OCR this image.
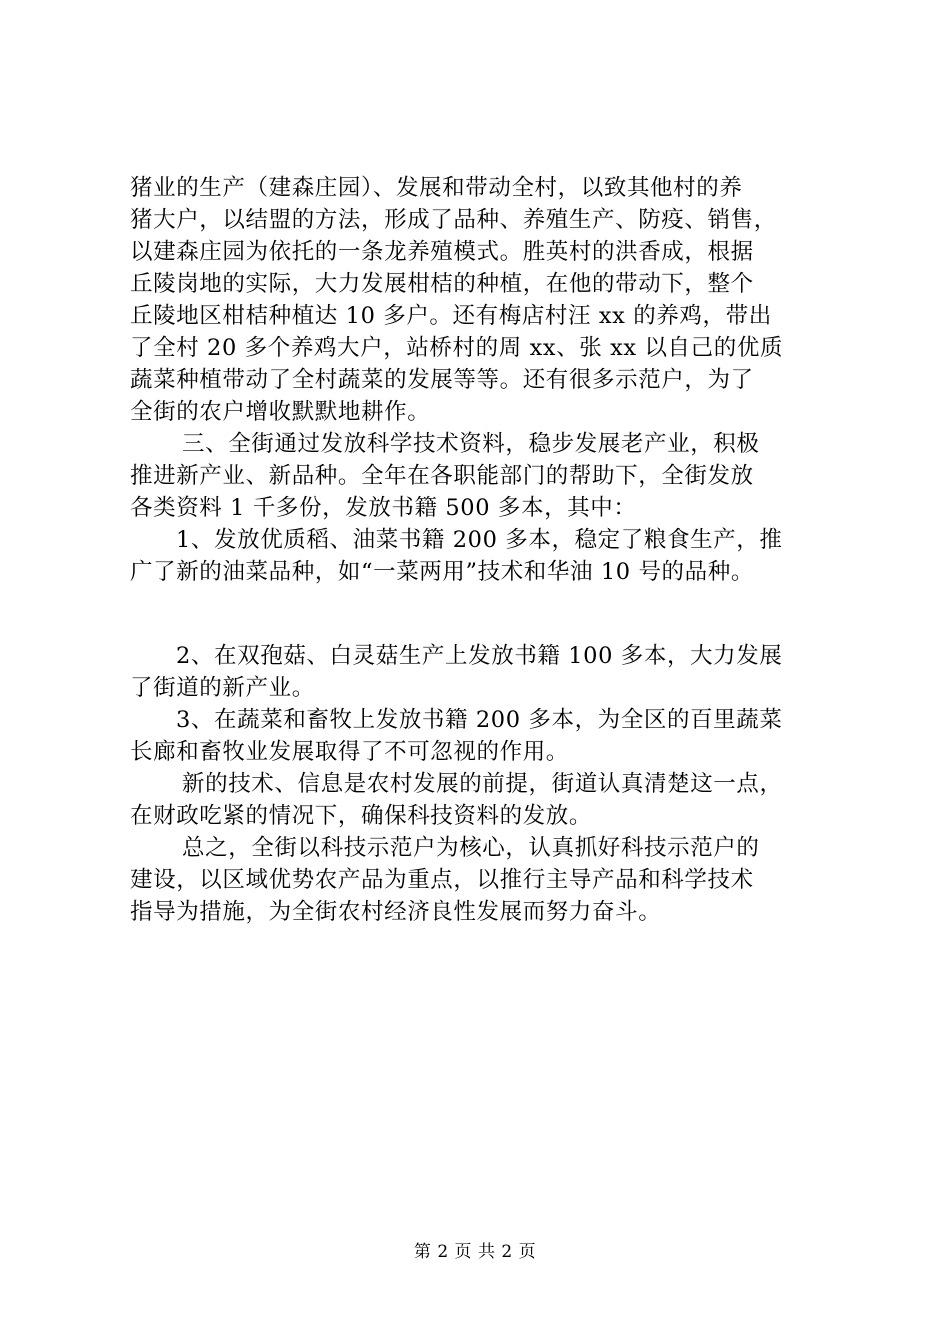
猪业的生产（建森庄园）、发展和带动全村，以致其他村的养
猪大户，以结盟的方法，形成了品种、养殖生产、防疫、销售，
以建森庄园为依托的一条龙养殖模式。胜英村的洪香成，根据
丘陵岗地的实际，大力发展柑桔的种植，在他的带动下，整个
丘陵地区柑桔种植达 10 多户。还有梅店村汪 xx 的养鸡，带出
了全村 20 多个养鸡大户，站桥村的周 xx、张 xx 以自己的优质
蔬菜种植带动了全村蔬菜的发展等等。还有很多示范户，为了
全街的农户增收默默地耕作。
三、全街通过发放科学技术资料，稳步发展老产业，积极
推进新产业、新品种。全年在各职能部门的帮助下，全街发放
各类资料 1 千多份，发放书籍 500 多本，其中：
1、发放优质稻、油菜书籍 200 多本，稳定了粮食生产，推
广了新的油菜品种，如“一菜两用”技术和华油 10 号的品种。
2、在双孢菇、白灵菇生产上发放书籍 100 多本，大力发展
了街道的新产业。
3、在蔬菜和畜牧上发放书籍 200 多本，为全区的百里蔬菜
长廊和畜牧业发展取得了不可忽视的作用。
新的技术、信息是农村发展的前提，街道认真清楚这一点，
在财政吃紧的情况下，确保科技资料的发放。
总之，全街以科技示范户为核心，认真抓好科技示范户的
建设，以区域优势农产品为重点，以推行主导产品和科学技术
指导为措施，为全街农村经济良性发展而努力奋斗。
第 2 页 共 2 页
